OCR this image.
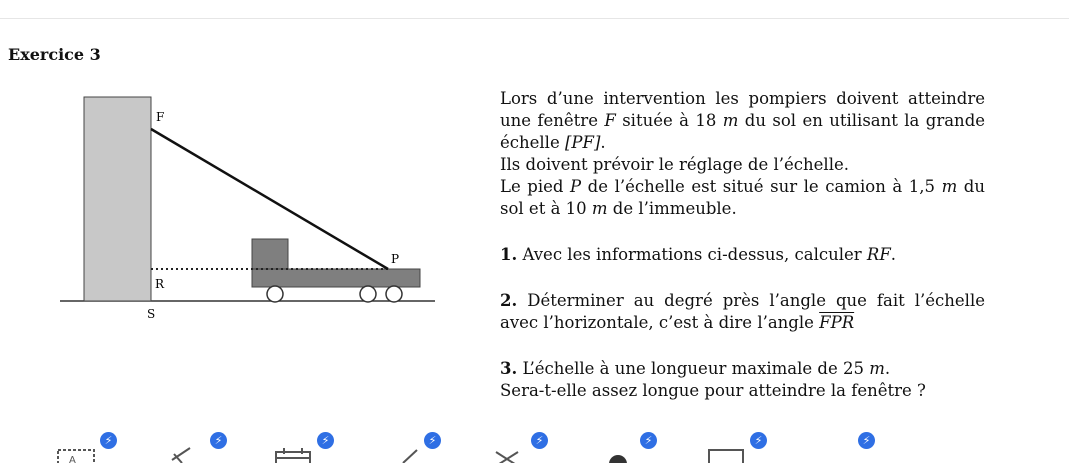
Exercice 3
F
P
R
S

Lors d’une intervention les pompiers doivent atteindre une fenêtre F située à 18 m du sol en utilisant la grande échelle [PF].

Ils doivent prévoir le réglage de l’échelle.

Le pied P de l’échelle est situé sur le camion à 1,5 m du sol et à 10 m de l’immeuble.

1. Avec les informations ci-dessus, calculer RF.

2. Déterminer au degré près l’angle que fait l’échelle avec l’horizontale, c’est à dire l’angle $\overline{FPR}$

3. L’échelle à une longueur maximale de 25 m.

Sera-t-elle assez longue pour atteindre la fenêtre ?

A
⚡	⚡	⚡	⚡	⚡	⚡	⚡	⚡
